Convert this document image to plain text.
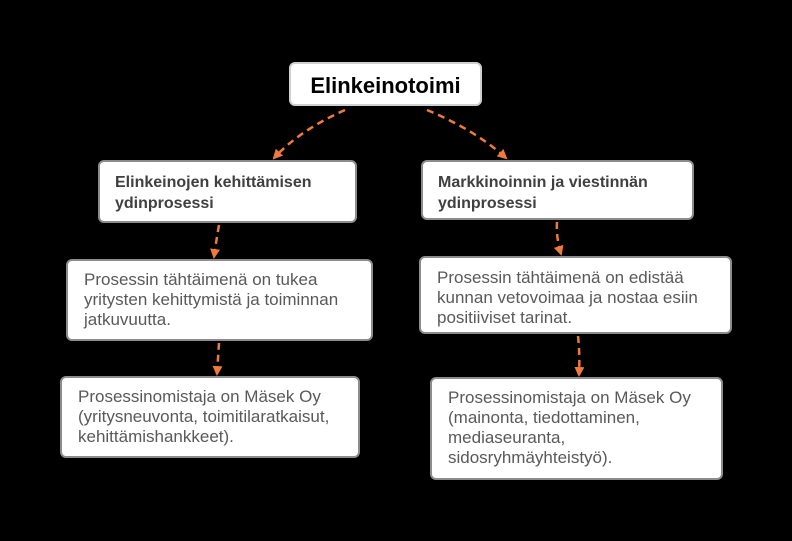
Elinkeinotoimi
Elinkeinojen kehittämisen ydinprosessi
Markkinoinnin ja viestinnän ydinprosessi
Prosessin tähtäimenä on tukea yritysten kehittymistä ja toiminnan jatkuvuutta.
Prosessin tähtäimenä on edistää kunnan vetovoimaa ja nostaa esiin positiiviset tarinat.
Prosessinomistaja on Mäsek Oy (yritysneuvonta, toimitilaratkaisut, kehittämishankkeet).
Prosessinomistaja on Mäsek Oy (mainonta, tiedottaminen, mediaseuranta, sidosryhmäyhteistyö).
